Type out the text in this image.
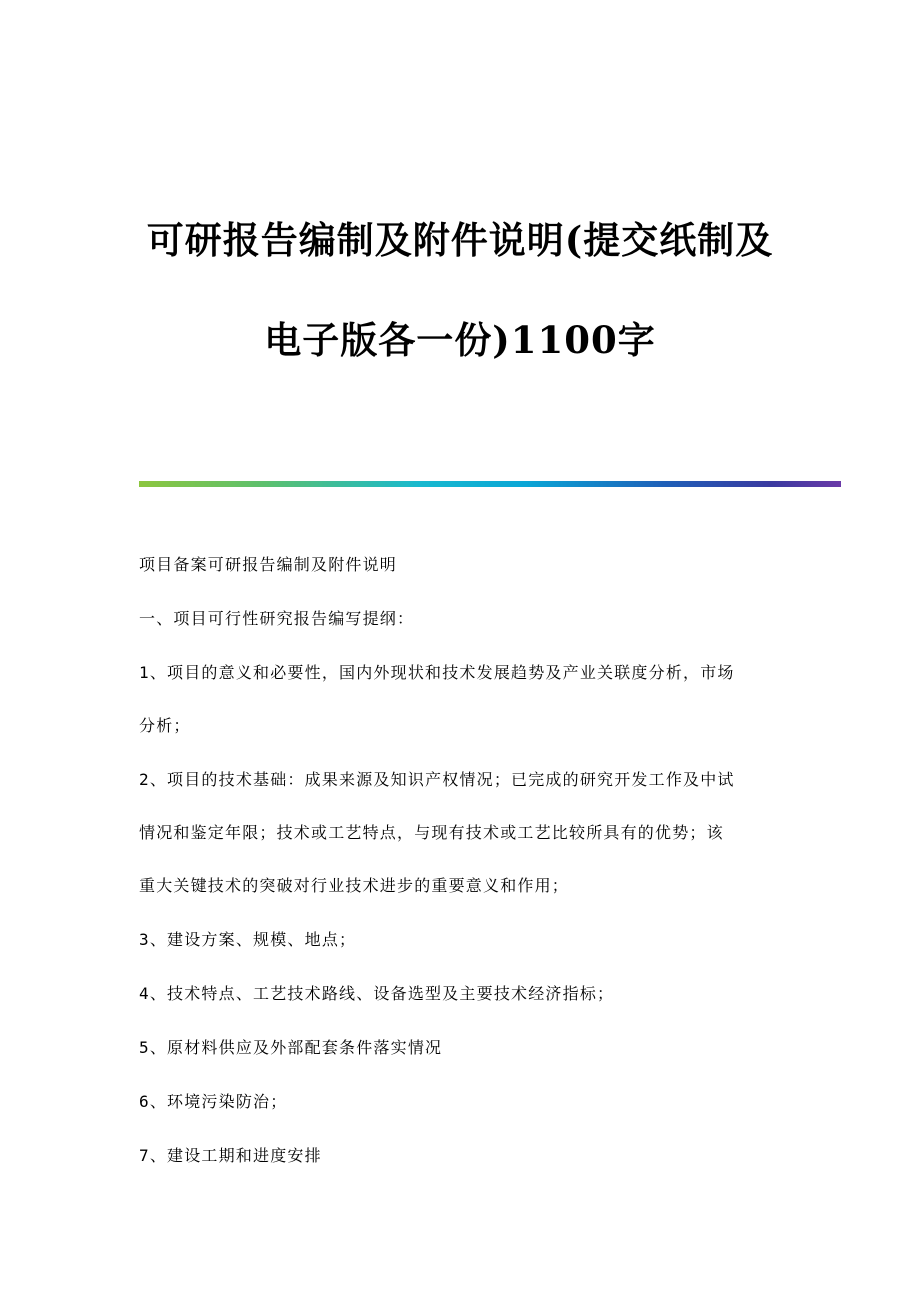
可研报告编制及附件说明(提交纸制及
电子版各一份)1100字
项目备案可研报告编制及附件说明
一、项目可行性研究报告编写提纲：
1、项目的意义和必要性，国内外现状和技术发展趋势及产业关联度分析，市场
分析；
2、项目的技术基础：成果来源及知识产权情况；已完成的研究开发工作及中试
情况和鉴定年限；技术或工艺特点，与现有技术或工艺比较所具有的优势；该
重大关键技术的突破对行业技术进步的重要意义和作用；
3、建设方案、规模、地点；
4、技术特点、工艺技术路线、设备选型及主要技术经济指标；
5、原材料供应及外部配套条件落实情况
6、环境污染防治；
7、建设工期和进度安排
